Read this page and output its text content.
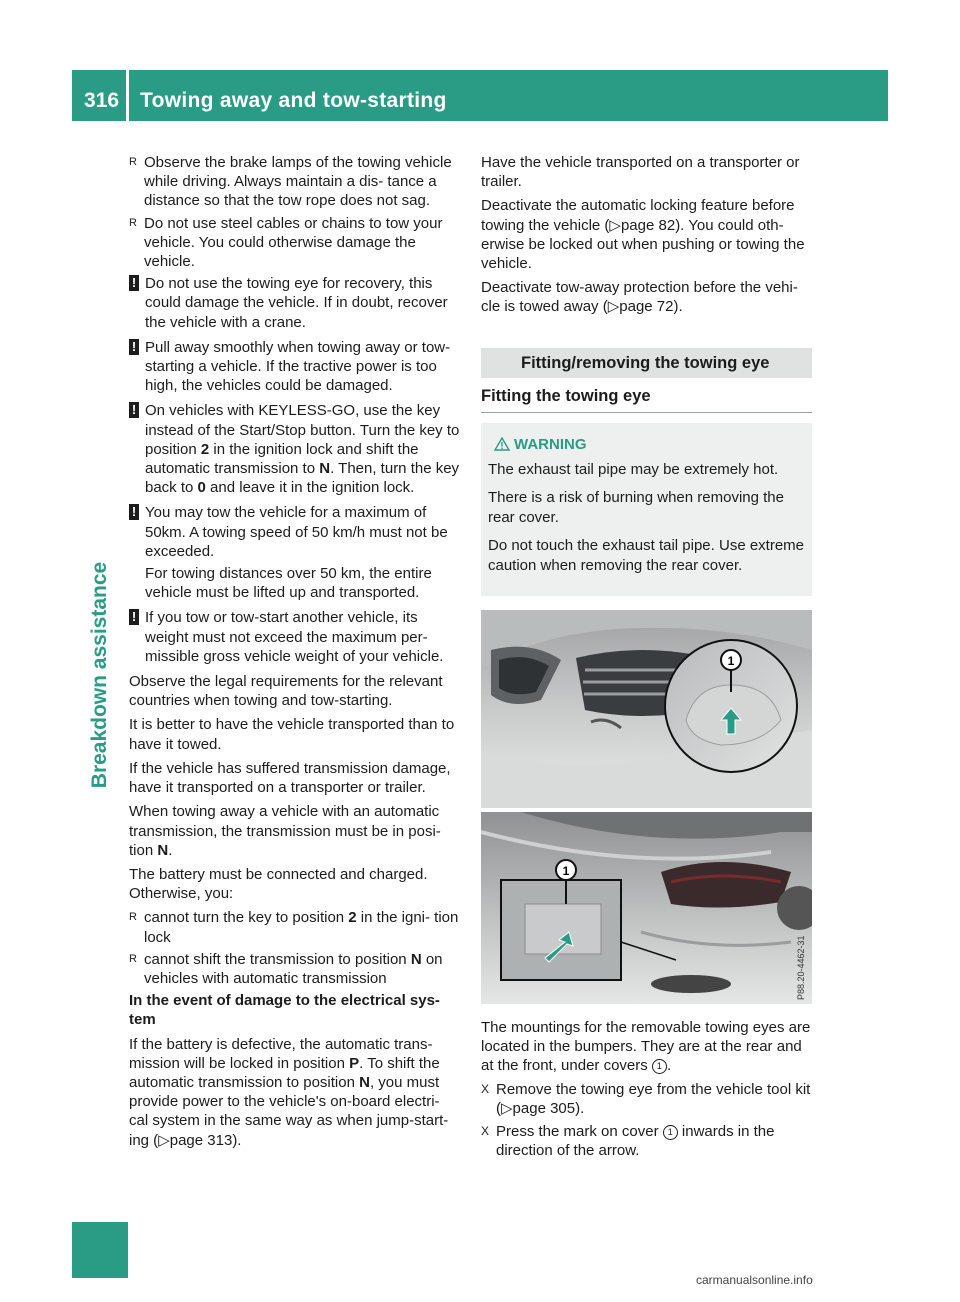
316 Towing away and tow-starting
Breakdown assistance
R Observe the brake lamps of the towing vehicle while driving. Always maintain a dis- tance a distance so that the tow rope does not sag.
R Do not use steel cables or chains to tow your vehicle. You could otherwise damage the vehicle.
! Do not use the towing eye for recovery, this could damage the vehicle. If in doubt, recover the vehicle with a crane.
! Pull away smoothly when towing away or tow-starting a vehicle. If the tractive power is too high, the vehicles could be damaged.
! On vehicles with KEYLESS-GO, use the key instead of the Start/Stop button. Turn the key to position 2 in the ignition lock and shift the automatic transmission to N. Then, turn the key back to 0 and leave it in the ignition lock.
! You may tow the vehicle for a maximum of 50km. A towing speed of 50 km/h must not be exceeded.
For towing distances over 50 km, the entire vehicle must be lifted up and transported.
! If you tow or tow-start another vehicle, its weight must not exceed the maximum per- missible gross vehicle weight of your vehicle.

Observe the legal requirements for the relevant countries when towing and tow-starting.

It is better to have the vehicle transported than to have it towed.

If the vehicle has suffered transmission damage, have it transported on a transporter or trailer.

When towing away a vehicle with an automatic transmission, the transmission must be in posi- tion N.

The battery must be connected and charged. Otherwise, you:

R cannot turn the key to position 2 in the igni- tion lock
R cannot shift the transmission to position N on vehicles with automatic transmission

In the event of damage to the electrical sys- tem

If the battery is defective, the automatic trans- mission will be locked in position P. To shift the automatic transmission to position N, you must provide power to the vehicle's on-board electri- cal system in the same way as when jump-start- ing (▷page 313).

Have the vehicle transported on a transporter or trailer.

Deactivate the automatic locking feature before towing the vehicle (▷page 82). You could oth- erwise be locked out when pushing or towing the vehicle.

Deactivate tow-away protection before the vehi- cle is towed away (▷page 72).

Fitting/removing the towing eye
Fitting the towing eye
WARNING

The exhaust tail pipe may be extremely hot.

There is a risk of burning when removing the rear cover.

Do not touch the exhaust tail pipe. Use extreme caution when removing the rear cover.

1
1
P88.20-4462-31

The mountings for the removable towing eyes are located in the bumpers. They are at the rear and at the front, under covers 1 .

X Remove the towing eye from the vehicle tool kit (▷page 305).
X Press the mark on cover 1 inwards in the direction of the arrow.
carmanualsonline.info
